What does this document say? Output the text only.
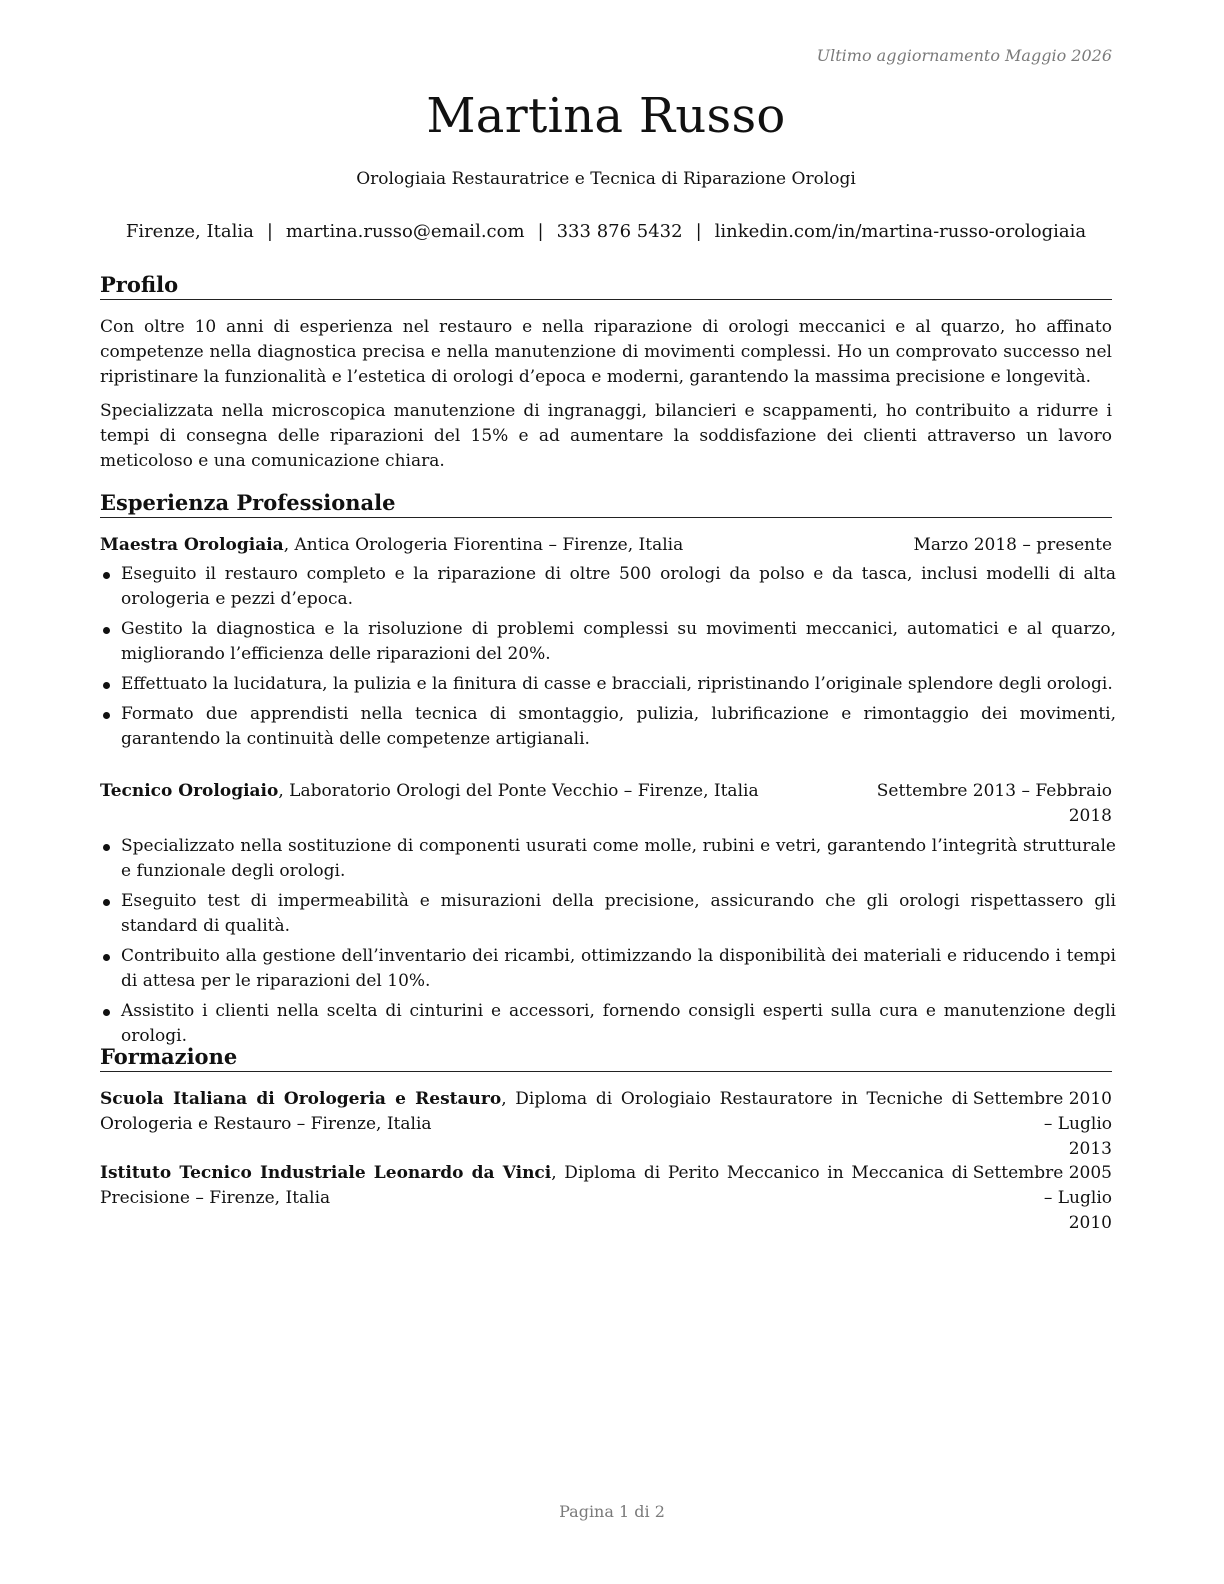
Ultimo aggiornamento Maggio 2026
Martina Russo
Orologiaia Restauratrice e Tecnica di Riparazione Orologi
Firenze, Italia | martina.russo@email.com | 333 876 5432 | linkedin.com/in/martina-russo-orologiaia
Profilo
Con oltre 10 anni di esperienza nel restauro e nella riparazione di orologi meccanici e al quarzo, ho affinato competenze nella diagnostica precisa e nella manutenzione di movimenti complessi. Ho un comprovato successo nel ripristinare la funzionalità e l’estetica di orologi d’epoca e moderni, garantendo la massima precisione e longevità.
Specializzata nella microscopica manutenzione di ingranaggi, bilancieri e scappamenti, ho contribuito a ridurre i tempi di consegna delle riparazioni del 15% e ad aumentare la soddisfazione dei clienti attraverso un lavoro meticoloso e una comunicazione chiara.
Esperienza Professionale
Maestra Orologiaia, Antica Orologeria Fiorentina – Firenze, Italia	Marzo 2018 – presente
Eseguito il restauro completo e la riparazione di oltre 500 orologi da polso e da tasca, inclusi modelli di alta orologeria e pezzi d’epoca.
Gestito la diagnostica e la risoluzione di problemi complessi su movimenti meccanici, automatici e al quarzo, migliorando l’efficienza delle riparazioni del 20%.
Effettuato la lucidatura, la pulizia e la finitura di casse e bracciali, ripristinando l’originale splendore degli orologi.
Formato due apprendisti nella tecnica di smontaggio, pulizia, lubrificazione e rimontaggio dei movimenti, garantendo la continuità delle competenze artigianali.
Tecnico Orologiaio, Laboratorio Orologi del Ponte Vecchio – Firenze, Italia	Settembre 2013 – Febbraio
2018
Specializzato nella sostituzione di componenti usurati come molle, rubini e vetri, garantendo l’integrità strutturale e funzionale degli orologi.
Eseguito test di impermeabilità e misurazioni della precisione, assicurando che gli orologi rispettassero gli standard di qualità.
Contribuito alla gestione dell’inventario dei ricambi, ottimizzando la disponibilità dei materiali e riducendo i tempi di attesa per le riparazioni del 10%.
Assistito i clienti nella scelta di cinturini e accessori, fornendo consigli esperti sulla cura e manutenzione degli orologi.
Formazione
Scuola Italiana di Orologeria e Restauro, Diploma di Orologiaio Restauratore in Tecniche di Orologeria e Restauro – Firenze, Italia
Settembre 2010 – Luglio
2013
Istituto Tecnico Industriale Leonardo da Vinci, Diploma di Perito Meccanico in Meccanica di Precisione – Firenze, Italia
Settembre 2005 – Luglio
2010
Pagina 1 di 2
